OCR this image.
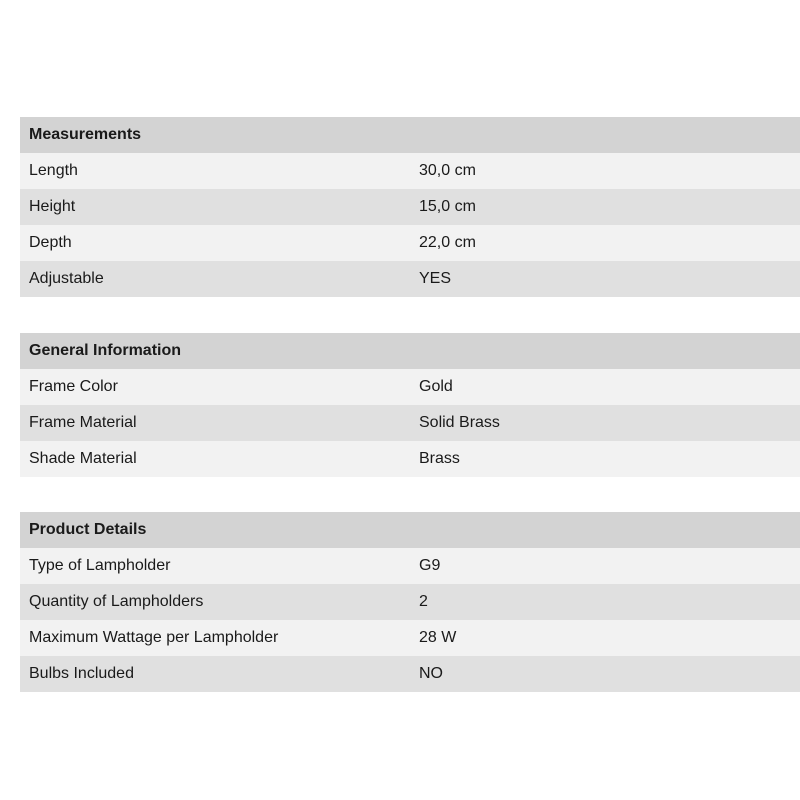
Measurements
Length	30,0 cm
Height	15,0 cm
Depth	22,0 cm
Adjustable	YES
General Information
Frame Color	Gold
Frame Material	Solid Brass
Shade Material	Brass
Product Details
Type of Lampholder	G9
Quantity of Lampholders	2
Maximum Wattage per Lampholder	28 W
Bulbs Included	NO
